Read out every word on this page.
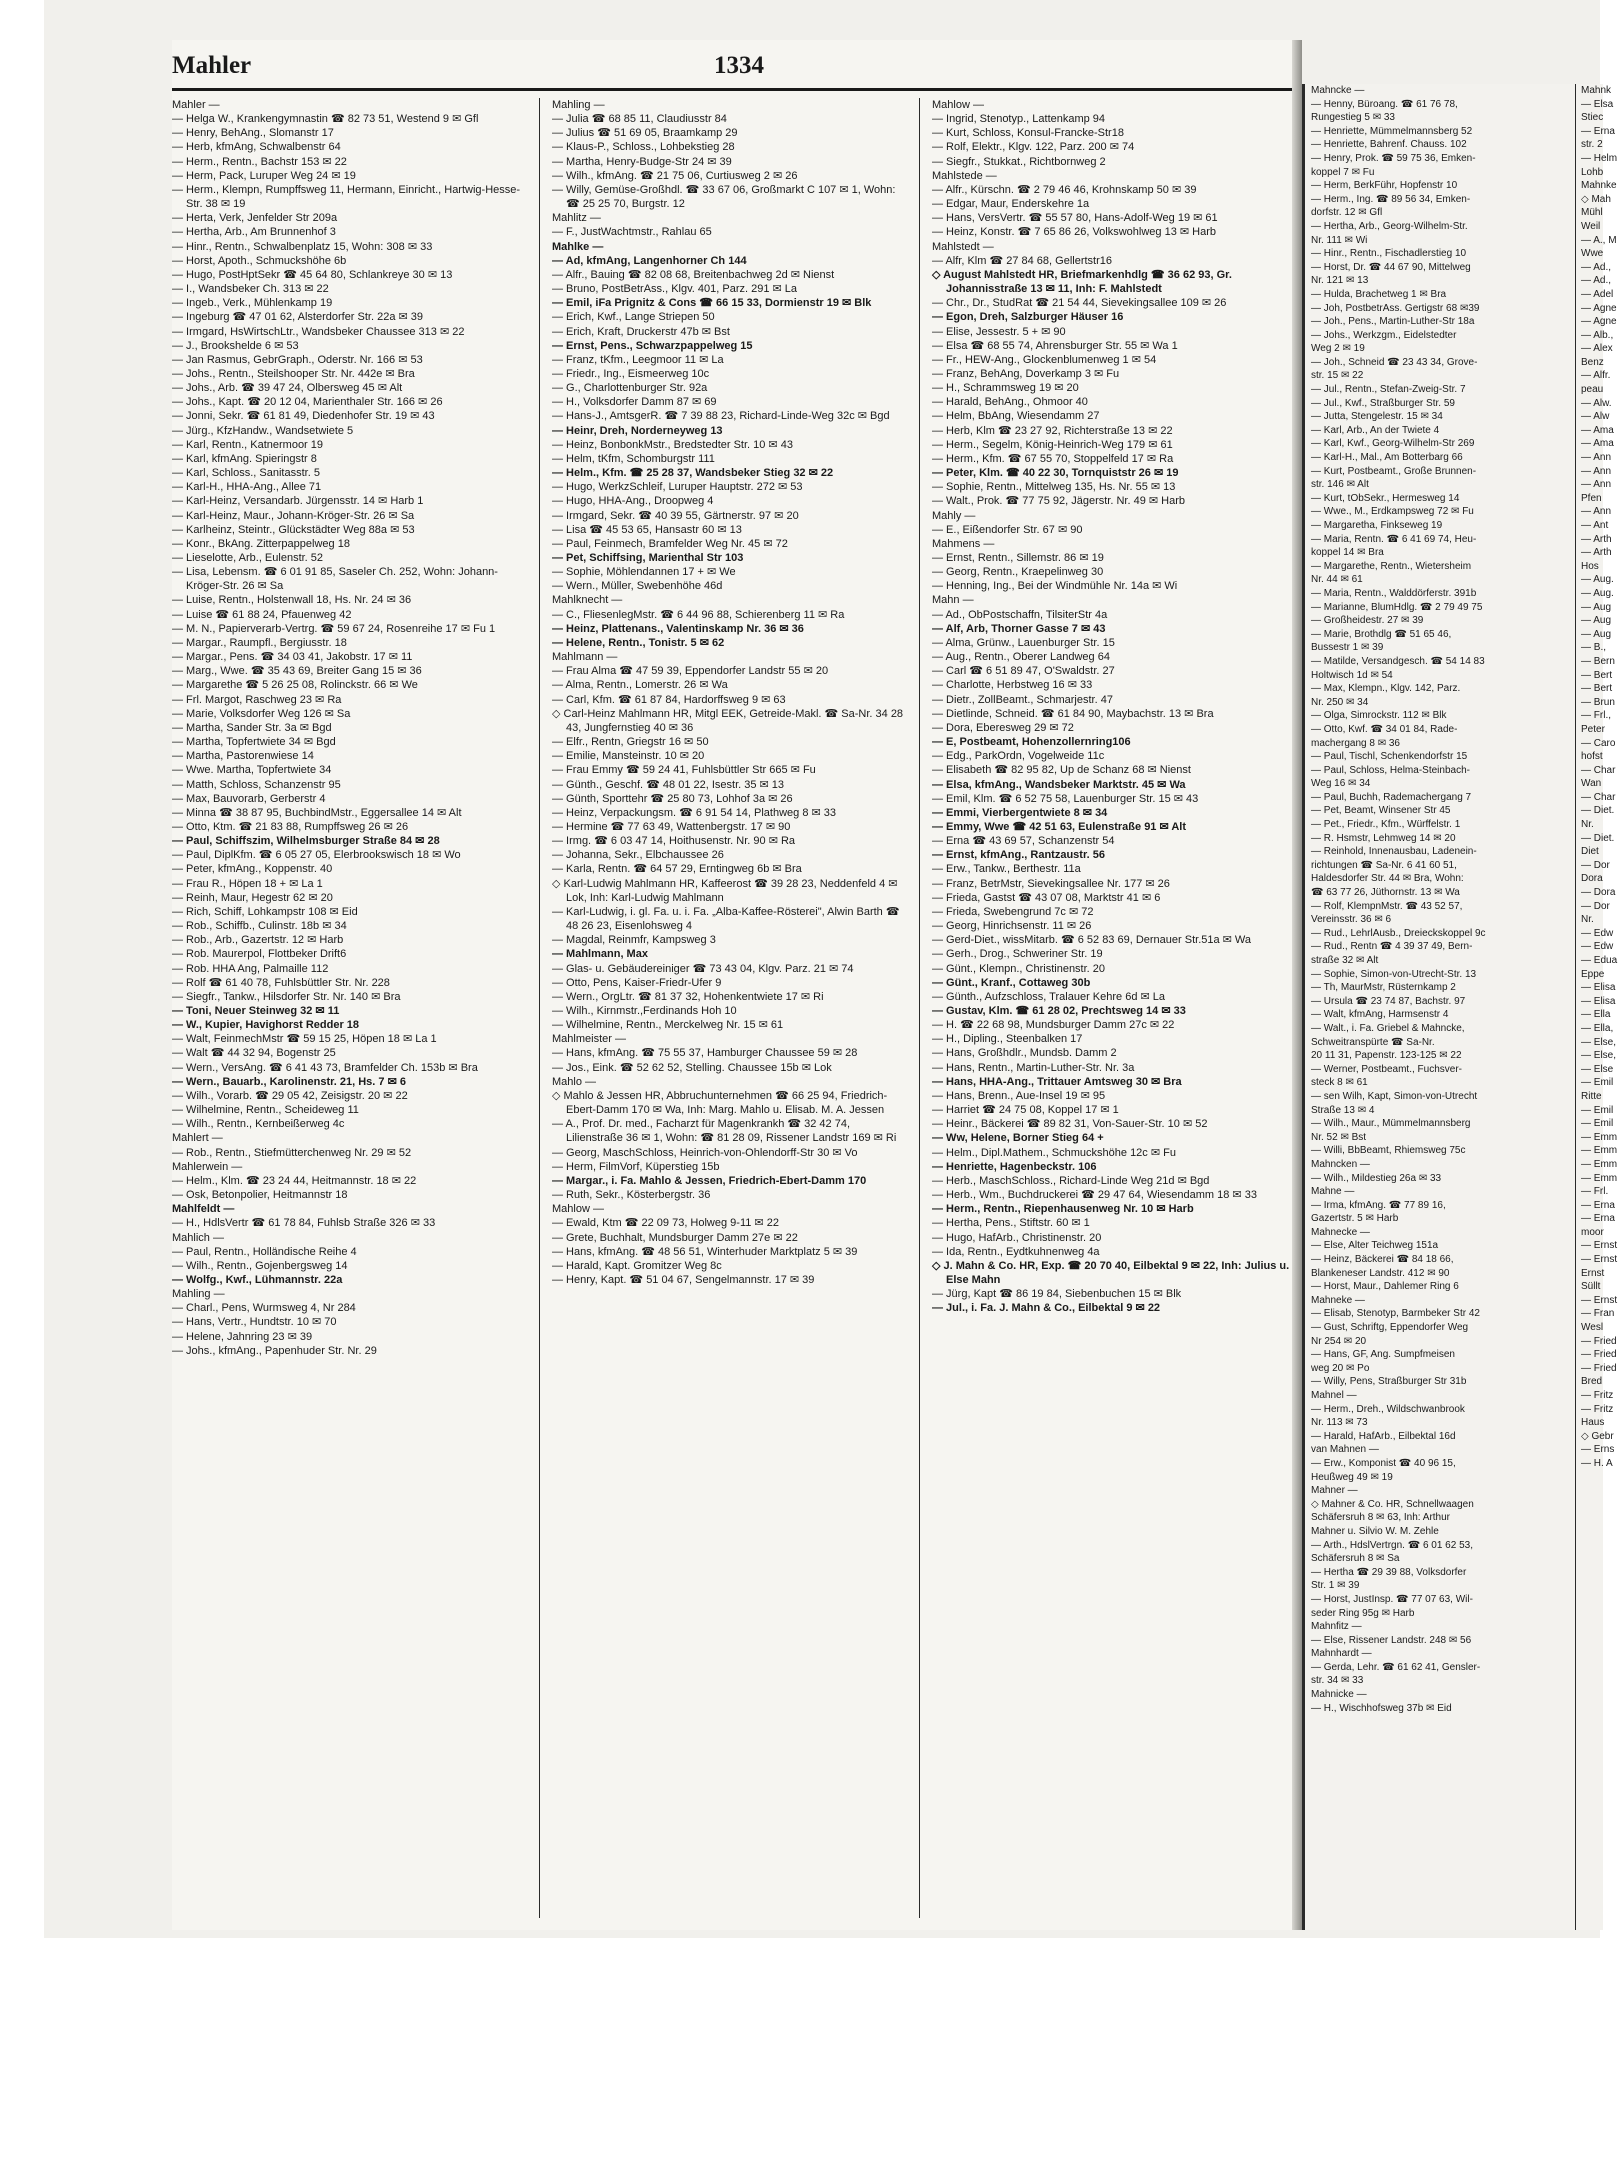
Mahler	1334

Mahler —

— Helga W., Krankengymnastin ☎ 82 73 51, Westend 9 ✉ Gfl

— Henry, BehAng., Slomanstr 17

— Herb, kfmAng, Schwalbenstr 64

— Herm., Rentn., Bachstr 153 ✉ 22

— Herm, Pack, Luruper Weg 24 ✉ 19

— Herm., Klempn, Rumpffsweg 11, Hermann, Einricht., Hartwig-Hesse-Str. 38 ✉ 19

— Herta, Verk, Jenfelder Str 209a

— Hertha, Arb., Am Brunnenhof 3

— Hinr., Rentn., Schwalbenplatz 15, Wohn: 308 ✉ 33

— Horst, Apoth., Schmuckshöhe 6b

— Hugo, PostHptSekr ☎ 45 64 80, Schlankreye 30 ✉ 13

— I., Wandsbeker Ch. 313 ✉ 22

— Ingeb., Verk., Mühlenkamp 19

— Ingeburg ☎ 47 01 62, Alsterdorfer Str. 22a ✉ 39

— Irmgard, HsWirtschLtr., Wandsbeker Chaussee 313 ✉ 22

— J., Brookshelde 6 ✉ 53

— Jan Rasmus, GebrGraph., Oderstr. Nr. 166 ✉ 53

— Johs., Rentn., Steilshooper Str. Nr. 442e ✉ Bra

— Johs., Arb. ☎ 39 47 24, Olbersweg 45 ✉ Alt

— Johs., Kapt. ☎ 20 12 04, Marienthaler Str. 166 ✉ 26

— Jonni, Sekr. ☎ 61 81 49, Diedenhofer Str. 19 ✉ 43

— Jürg., KfzHandw., Wandsetwiete 5

— Karl, Rentn., Katnermoor 19

— Karl, kfmAng. Spieringstr 8

— Karl, Schloss., Sanitasstr. 5

— Karl-H., HHA-Ang., Allee 71

— Karl-Heinz, Versandarb. Jürgensstr. 14 ✉ Harb 1

— Karl-Heinz, Maur., Johann-Kröger-Str. 26 ✉ Sa

— Karlheinz, Steintr., Glückstädter Weg 88a ✉ 53

— Konr., BkAng. Zitterpappelweg 18

— Lieselotte, Arb., Eulenstr. 52

— Lisa, Lebensm. ☎ 6 01 91 85, Saseler Ch. 252, Wohn: Johann-Kröger-Str. 26 ✉ Sa

— Luise, Rentn., Holstenwall 18, Hs. Nr. 24 ✉ 36

— Luise ☎ 61 88 24, Pfauenweg 42

— M. N., Papierverarb-Vertrg. ☎ 59 67 24, Rosenreihe 17 ✉ Fu 1

— Margar., Raumpfl., Bergiusstr. 18

— Margar., Pens. ☎ 34 03 41, Jakobstr. 17 ✉ 11

— Marg., Wwe. ☎ 35 43 69, Breiter Gang 15 ✉ 36

— Margarethe ☎ 5 26 25 08, Rolinckstr. 66 ✉ We

— Frl. Margot, Raschweg 23 ✉ Ra

— Marie, Volksdorfer Weg 126 ✉ Sa

— Martha, Sander Str. 3a ✉ Bgd

— Martha, Topfertwiete 34 ✉ Bgd

— Martha, Pastorenwiese 14

— Wwe. Martha, Topfertwiete 34

— Matth, Schloss, Schanzenstr 95

— Max, Bauvorarb, Gerberstr 4

— Minna ☎ 38 87 95, BuchbindMstr., Eggersallee 14 ✉ Alt

— Otto, Ktm. ☎ 21 83 88, Rumpffsweg 26 ✉ 26

— Paul, Schiffszim, Wilhelmsburger Straße 84 ✉ 28

— Paul, DiplKfm. ☎ 6 05 27 05, Elerbrookswisch 18 ✉ Wo

— Peter, kfmAng., Koppenstr. 40

— Frau R., Höpen 18 + ✉ La 1

— Reinh, Maur, Hegestr 62 ✉ 20

— Rich, Schiff, Lohkampstr 108 ✉ Eid

— Rob., Schiffb., Culinstr. 18b ✉ 34

— Rob., Arb., Gazertstr. 12 ✉ Harb

— Rob. Maurerpol, Flottbeker Drift6

— Rob. HHA Ang, Palmaille 112

— Rolf ☎ 61 40 78, Fuhlsbüttler Str. Nr. 228

— Siegfr., Tankw., Hilsdorfer Str. Nr. 140 ✉ Bra

— Toni, Neuer Steinweg 32 ✉ 11

— W., Kupier, Havighorst Redder 18

— Walt, FeinmechMstr ☎ 59 15 25, Höpen 18 ✉ La 1

— Walt ☎ 44 32 94, Bogenstr 25

— Wern., VersAng. ☎ 6 41 43 73, Bramfelder Ch. 153b ✉ Bra

— Wern., Bauarb., Karolinenstr. 21, Hs. 7 ✉ 6

— Wilh., Vorarb. ☎ 29 05 42, Zeisigstr. 20 ✉ 22

— Wilhelmine, Rentn., Scheideweg 11

— Wilh., Rentn., Kernbeißerweg 4c

Mahlert —

— Rob., Rentn., Stiefmütterchenweg Nr. 29 ✉ 52

Mahlerwein —

— Helm., Klm. ☎ 23 24 44, Heitmannstr. 18 ✉ 22

— Osk, Betonpolier, Heitmannstr 18

Mahlfeldt —

— H., HdlsVertr ☎ 61 78 84, Fuhlsb Straße 326 ✉ 33

Mahlich —

— Paul, Rentn., Holländische Reihe 4

— Wilh., Rentn., Gojenbergsweg 14

— Wolfg., Kwf., Lühmannstr. 22a

Mahling —

— Charl., Pens, Wurmsweg 4, Nr 284

— Hans, Vertr., Hundtstr. 10 ✉ 70

— Helene, Jahnring 23 ✉ 39

— Johs., kfmAng., Papenhuder Str. Nr. 29

Mahling —

— Julia ☎ 68 85 11, Claudiusstr 84

— Julius ☎ 51 69 05, Braamkamp 29

— Klaus-P., Schloss., Lohbekstieg 28

— Martha, Henry-Budge-Str 24 ✉ 39

— Wilh., kfmAng. ☎ 21 75 06, Curtiusweg 2 ✉ 26

— Willy, Gemüse-Großhdl. ☎ 33 67 06, Großmarkt C 107 ✉ 1, Wohn: ☎ 25 25 70, Burgstr. 12

Mahlitz —

— F., JustWachtmstr., Rahlau 65

Mahlke —

— Ad, kfmAng, Langenhorner Ch 144

— Alfr., Bauing ☎ 82 08 68, Breitenbachweg 2d ✉ Nienst

— Bruno, PostBetrAss., Klgv. 401, Parz. 291 ✉ La

— Emil, iFa Prignitz & Cons ☎ 66 15 33, Dormienstr 19 ✉ Blk

— Erich, Kwf., Lange Striepen 50

— Erich, Kraft, Druckerstr 47b ✉ Bst

— Ernst, Pens., Schwarzpappelweg 15

— Franz, tKfm., Leegmoor 11 ✉ La

— Friedr., Ing., Eismeerweg 10c

— G., Charlottenburger Str. 92a

— H., Volksdorfer Damm 87 ✉ 69

— Hans-J., AmtsgerR. ☎ 7 39 88 23, Richard-Linde-Weg 32c ✉ Bgd

— Heinr, Dreh, Norderneyweg 13

— Heinz, BonbonkMstr., Bredstedter Str. 10 ✉ 43

— Helm, tKfm, Schomburgstr 111

— Helm., Kfm. ☎ 25 28 37, Wandsbeker Stieg 32 ✉ 22

— Hugo, WerkzSchleif, Luruper Hauptstr. 272 ✉ 53

— Hugo, HHA-Ang., Droopweg 4

— Irmgard, Sekr. ☎ 40 39 55, Gärtnerstr. 97 ✉ 20

— Lisa ☎ 45 53 65, Hansastr 60 ✉ 13

— Paul, Feinmech, Bramfelder Weg Nr. 45 ✉ 72

— Pet, Schiffsing, Marienthal Str 103

— Sophie, Möhlendannen 17 + ✉ We

— Wern., Müller, Swebenhöhe 46d

Mahlknecht —

— C., FliesenlegMstr. ☎ 6 44 96 88, Schierenberg 11 ✉ Ra

— Heinz, Plattenans., Valentinskamp Nr. 36 ✉ 36

— Helene, Rentn., Tonistr. 5 ✉ 62

Mahlmann —

— Frau Alma ☎ 47 59 39, Eppendorfer Landstr 55 ✉ 20

— Alma, Rentn., Lomerstr. 26 ✉ Wa

— Carl, Kfm. ☎ 61 87 84, Hardorffsweg 9 ✉ 63

◇ Carl-Heinz Mahlmann HR, Mitgl EEK, Getreide-Makl. ☎ Sa-Nr. 34 28 43, Jungfernstieg 40 ✉ 36

— Elfr., Rentn, Griegstr 16 ✉ 50

— Emilie, Mansteinstr. 10 ✉ 20

— Frau Emmy ☎ 59 24 41, Fuhlsbüttler Str 665 ✉ Fu

— Günth., Geschf. ☎ 48 01 22, Isestr. 35 ✉ 13

— Günth, Sporttehr ☎ 25 80 73, Lohhof 3a ✉ 26

— Heinz, Verpackungsm. ☎ 6 91 54 14, Plathweg 8 ✉ 33

— Hermine ☎ 77 63 49, Wattenbergstr. 17 ✉ 90

— Irmg. ☎ 6 03 47 14, Hoithusenstr. Nr. 90 ✉ Ra

— Johanna, Sekr., Elbchaussee 26

— Karla, Rentn. ☎ 64 57 29, Erntingweg 6b ✉ Bra

◇ Karl-Ludwig Mahlmann HR, Kaffeerost ☎ 39 28 23, Neddenfeld 4 ✉ Lok, Inh: Karl-Ludwig Mahlmann

— Karl-Ludwig, i. gl. Fa. u. i. Fa. „Alba-Kaffee-Rösterei", Alwin Barth ☎ 48 26 23, Eisenlohsweg 4

— Magdal, Reinmfr, Kampsweg 3

— Mahlmann, Max

— Glas- u. Gebäudereiniger ☎ 73 43 04, Klgv. Parz. 21 ✉ 74

— Otto, Pens, Kaiser-Friedr-Ufer 9

— Wern., OrgLtr. ☎ 81 37 32, Hohenkentwiete 17 ✉ Ri

— Wilh., Kirnmstr.,Ferdinands Hoh 10

— Wilhelmine, Rentn., Merckelweg Nr. 15 ✉ 61

Mahlmeister —

— Hans, kfmAng. ☎ 75 55 37, Hamburger Chaussee 59 ✉ 28

— Jos., Eink. ☎ 52 62 52, Stelling. Chaussee 15b ✉ Lok

Mahlo —

◇ Mahlo & Jessen HR, Abbruchunternehmen ☎ 66 25 94, Friedrich-Ebert-Damm 170 ✉ Wa, Inh: Marg. Mahlo u. Elisab. M. A. Jessen

— A., Prof. Dr. med., Facharzt für Magenkrankh ☎ 32 42 74, Lilienstraße 36 ✉ 1, Wohn: ☎ 81 28 09, Rissener Landstr 169 ✉ Ri

— Georg, MaschSchloss, Heinrich-von-Ohlendorff-Str 30 ✉ Vo

— Herm, FilmVorf, Küperstieg 15b

— Margar., i. Fa. Mahlo & Jessen, Friedrich-Ebert-Damm 170

— Ruth, Sekr., Kösterbergstr. 36

Mahlow —

— Ewald, Ktm ☎ 22 09 73, Holweg 9-11 ✉ 22

— Grete, Buchhalt, Mundsburger Damm 27e ✉ 22

— Hans, kfmAng. ☎ 48 56 51, Winterhuder Marktplatz 5 ✉ 39

— Harald, Kapt. Gromitzer Weg 8c

— Henry, Kapt. ☎ 51 04 67, Sengelmannstr. 17 ✉ 39

Mahlow —

— Ingrid, Stenotyp., Lattenkamp 94

— Kurt, Schloss, Konsul-Francke-Str18

— Rolf, Elektr., Klgv. 122, Parz. 200 ✉ 74

— Siegfr., Stukkat., Richtbornweg 2

Mahlstede —

— Alfr., Kürschn. ☎ 2 79 46 46, Krohnskamp 50 ✉ 39

— Edgar, Maur, Enderskehre 1a

— Hans, VersVertr. ☎ 55 57 80, Hans-Adolf-Weg 19 ✉ 61

— Heinz, Konstr. ☎ 7 65 86 26, Volkswohlweg 13 ✉ Harb

Mahlstedt —

— Alfr, Klm ☎ 27 84 68, Gellertstr16

◇ August Mahlstedt HR, Briefmarkenhdlg ☎ 36 62 93, Gr. Johannisstraße 13 ✉ 11, Inh: F. Mahlstedt

— Chr., Dr., StudRat ☎ 21 54 44, Sievekingsallee 109 ✉ 26

— Egon, Dreh, Salzburger Häuser 16

— Elise, Jessestr. 5 + ✉ 90

— Elsa ☎ 68 55 74, Ahrensburger Str. 55 ✉ Wa 1

— Fr., HEW-Ang., Glockenblumenweg 1 ✉ 54

— Franz, BehAng, Doverkamp 3 ✉ Fu

— H., Schrammsweg 19 ✉ 20

— Harald, BehAng., Ohmoor 40

— Helm, BbAng, Wiesendamm 27

— Herb, Klm ☎ 23 27 92, Richterstraße 13 ✉ 22

— Herm., Segelm, König-Heinrich-Weg 179 ✉ 61

— Herm., Kfm. ☎ 67 55 70, Stoppelfeld 17 ✉ Ra

— Peter, Klm. ☎ 40 22 30, Tornquiststr 26 ✉ 19

— Sophie, Rentn., Mittelweg 135, Hs. Nr. 55 ✉ 13

— Walt., Prok. ☎ 77 75 92, Jägerstr. Nr. 49 ✉ Harb

Mahly —

— E., Eißendorfer Str. 67 ✉ 90

Mahmens —

— Ernst, Rentn., Sillemstr. 86 ✉ 19

— Georg, Rentn., Kraepelinweg 30

— Henning, Ing., Bei der Windmühle Nr. 14a ✉ Wi

Mahn —

— Ad., ObPostschaffn, TilsiterStr 4a

— Alf, Arb, Thorner Gasse 7 ✉ 43

— Alma, Grünw., Lauenburger Str. 15

— Aug., Rentn., Oberer Landweg 64

— Carl ☎ 6 51 89 47, O'Swaldstr. 27

— Charlotte, Herbstweg 16 ✉ 33

— Dietr., ZollBeamt., Schmarjestr. 47

— Dietlinde, Schneid. ☎ 61 84 90, Maybachstr. 13 ✉ Bra

— Dora, Eberesweg 29 ✉ 72

— E, Postbeamt, Hohenzollernring106

— Edg., ParkOrdn, Vogelweide 11c

— Elisabeth ☎ 82 95 82, Up de Schanz 68 ✉ Nienst

— Elsa, kfmAng., Wandsbeker Marktstr. 45 ✉ Wa

— Emil, Klm. ☎ 6 52 75 58, Lauenburger Str. 15 ✉ 43

— Emmi, Vierbergentwiete 8 ✉ 34

— Emmy, Wwe ☎ 42 51 63, Eulenstraße 91 ✉ Alt

— Erna ☎ 43 69 57, Schanzenstr 54

— Ernst, kfmAng., Rantzaustr. 56

— Erw., Tankw., Berthestr. 11a

— Franz, BetrMstr, Sievekingsallee Nr. 177 ✉ 26

— Frieda, Gastst ☎ 43 07 08, Marktstr 41 ✉ 6

— Frieda, Swebengrund 7c ✉ 72

— Georg, Hinrichsenstr. 11 ✉ 26

— Gerd-Diet., wissMitarb. ☎ 6 52 83 69, Dernauer Str.51a ✉ Wa

— Gerh., Drog., Schweriner Str. 19

— Günt., Klempn., Christinenstr. 20

— Günt., Kranf., Cottaweg 30b

— Günth., Aufzschloss, Tralauer Kehre 6d ✉ La

— Gustav, Klm. ☎ 61 28 02, Prechtsweg 14 ✉ 33

— H. ☎ 22 68 98, Mundsburger Damm 27c ✉ 22

— H., Dipling., Steenbalken 17

— Hans, Großhdlr., Mundsb. Damm 2

— Hans, Rentn., Martin-Luther-Str. Nr. 3a

— Hans, HHA-Ang., Trittauer Amtsweg 30 ✉ Bra

— Hans, Brenn., Aue-Insel 19 ✉ 95

— Harriet ☎ 24 75 08, Koppel 17 ✉ 1

— Heinr., Bäckerei ☎ 89 82 31, Von-Sauer-Str. 10 ✉ 52

— Ww, Helene, Borner Stieg 64 +

— Helm., Dipl.Mathem., Schmuckshöhe 12c ✉ Fu

— Henriette, Hagenbeckstr. 106

— Herb., MaschSchloss., Richard-Linde Weg 21d ✉ Bgd

— Herb., Wm., Buchdruckerei ☎ 29 47 64, Wiesendamm 18 ✉ 33

— Herm., Rentn., Riepenhausenweg Nr. 10 ✉ Harb

— Hertha, Pens., Stiftstr. 60 ✉ 1

— Hugo, HafArb., Christinenstr. 20

— Ida, Rentn., Eydtkuhnenweg 4a

◇ J. Mahn & Co. HR, Exp. ☎ 20 70 40, Eilbektal 9 ✉ 22, Inh: Julius u. Else Mahn

— Jürg, Kapt ☎ 86 19 84, Siebenbuchen 15 ✉ Blk

— Jul., i. Fa. J. Mahn & Co., Eilbektal 9 ✉ 22

Mahncke —

— Henny, Büroang. ☎ 61 76 78,

Rungestieg 5 ✉ 33

— Henriette, Mümmelmannsberg 52

— Henriette, Bahrenf. Chauss. 102

— Henry, Prok. ☎ 59 75 36, Emken-

koppel 7 ✉ Fu

— Herm, BerkFühr, Hopfenstr 10

— Herm., Ing. ☎ 89 56 34, Emken-

dorfstr. 12 ✉ Gfl

— Hertha, Arb., Georg-Wilhelm-Str.

Nr. 111 ✉ Wi

— Hinr., Rentn., Fischadlerstieg 10

— Horst, Dr. ☎ 44 67 90, Mittelweg

Nr. 121 ✉ 13

— Hulda, Brachetweg 1 ✉ Bra

— Joh, PostbetrAss. Gertigstr 68 ✉39

— Joh., Pens., Martin-Luther-Str 18a

— Johs., Werkzgm., Eidelstedter

Weg 2 ✉ 19

— Joh., Schneid ☎ 23 43 34, Grove-

str. 15 ✉ 22

— Jul., Rentn., Stefan-Zweig-Str. 7

— Jul., Kwf., Straßburger Str. 59

— Jutta, Stengelestr. 15 ✉ 34

— Karl, Arb., An der Twiete 4

— Karl, Kwf., Georg-Wilhelm-Str 269

— Karl-H., Mal., Am Botterbarg 66

— Kurt, Postbeamt., Große Brunnen-

str. 146 ✉ Alt

— Kurt, tObSekr., Hermesweg 14

— Wwe., M., Erdkampsweg 72 ✉ Fu

— Margaretha, Finkseweg 19

— Maria, Rentn. ☎ 6 41 69 74, Heu-

koppel 14 ✉ Bra

— Margarethe, Rentn., Wietersheim

Nr. 44 ✉ 61

— Maria, Rentn., Walddörferstr. 391b

— Marianne, BlumHdlg. ☎ 2 79 49 75

— Großheidestr. 27 ✉ 39

— Marie, Brothdlg ☎ 51 65 46,

Bussestr 1 ✉ 39

— Matilde, Versandgesch. ☎ 54 14 83

Holtwisch 1d ✉ 54

— Max, Klempn., Klgv. 142, Parz.

Nr. 250 ✉ 34

— Olga, Simrockstr. 112 ✉ Blk

— Otto, Kwf. ☎ 34 01 84, Rade-

machergang 8 ✉ 36

— Paul, Tischl, Schenkendorfstr 15

— Paul, Schloss, Helma-Steinbach-

Weg 16 ✉ 34

— Paul, Buchh, Rademachergang 7

— Pet, Beamt, Winsener Str 45

— Pet., Friedr., Kfm., Würffelstr. 1

— R. Hsmstr, Lehmweg 14 ✉ 20

— Reinhold, Innenausbau, Ladenein-

richtungen ☎ Sa-Nr. 6 41 60 51,

Haldesdorfer Str. 44 ✉ Bra, Wohn:

☎ 63 77 26, Jüthornstr. 13 ✉ Wa

— Rolf, KlempnMstr. ☎ 43 52 57,

Vereinsstr. 36 ✉ 6

— Rud., LehrlAusb., Dreieckskoppel 9c

— Rud., Rentn ☎ 4 39 37 49, Bern-

straße 32 ✉ Alt

— Sophie, Simon-von-Utrecht-Str. 13

— Th, MaurMstr, Rüsternkamp 2

— Ursula ☎ 23 74 87, Bachstr. 97

— Walt, kfmAng, Harmsenstr 4

— Walt., i. Fa. Griebel & Mahncke,

Schweitranspürte ☎ Sa-Nr.

20 11 31, Papenstr. 123-125 ✉ 22

— Werner, Postbeamt., Fuchsver-

steck 8 ✉ 61

— sen Wilh, Kapt, Simon-von-Utrecht

Straße 13 ✉ 4

— Wilh., Maur., Mümmelmannsberg

Nr. 52 ✉ Bst

— Willi, BbBeamt, Rhiemsweg 75c

Mahncken —

— Wilh., Mildestieg 26a ✉ 33

Mahne —

— Irma, kfmAng. ☎ 77 89 16,

Gazertstr. 5 ✉ Harb

Mahnecke —

— Else, Alter Teichweg 151a

— Heinz, Bäckerei ☎ 84 18 66,

Blankeneser Landstr. 412 ✉ 90

— Horst, Maur., Dahlemer Ring 6

Mahneke —

— Elisab, Stenotyp, Barmbeker Str 42

— Gust, Schriftg, Eppendorfer Weg

Nr 254 ✉ 20

— Hans, GF, Ang. Sumpfmeisen

weg 20 ✉ Po

— Willy, Pens, Straßburger Str 31b

Mahnel —

— Herm., Dreh., Wildschwanbrook

Nr. 113 ✉ 73

— Harald, HafArb., Eilbektal 16d

van Mahnen —

— Erw., Komponist ☎ 40 96 15,

Heußweg 49 ✉ 19

Mahner —

◇ Mahner & Co. HR, Schnellwaagen

Schäfersruh 8 ✉ 63, Inh: Arthur

Mahner u. Silvio W. M. Zehle

— Arth., HdslVertrgn. ☎ 6 01 62 53,

Schäfersruh 8 ✉ Sa

— Hertha ☎ 29 39 88, Volksdorfer

Str. 1 ✉ 39

— Horst, JustInsp. ☎ 77 07 63, Wil-

seder Ring 95g ✉ Harb

Mahnfitz —

— Else, Rissener Landstr. 248 ✉ 56

Mahnhardt —

— Gerda, Lehr. ☎ 61 62 41, Gensler-

str. 34 ✉ 33

Mahnicke —

— H., Wischhofsweg 37b ✉ Eid

Mahnk

— Elsa

Stiec

— Erna

str. 2

— Helm

Lohb

Mahnke

◇ Mah

Mühl

Weil

— A., M

Wwe

— Ad.,

— Ad.,

— Adel

— Agne

— Agne

— Alb.,

— Alex

Benz

— Alfr.

peau

— Alw.

— Alw

— Ama

— Ama

— Ann

— Ann

— Ann

Pfen

— Ann

— Ant

— Arth

— Arth

Hos

— Aug.

— Aug.

— Aug

— Aug

— Aug

— B.,

— Bern

— Bert

— Bert

— Brun

— Frl.,

Peter

— Caro

hofst

— Char

Wan

— Char

— Diet.

Nr.

— Diet.

Diet

— Dor

Dora

— Dora

— Dor

Nr.

— Edw

— Edw

— Edua

Eppe

— Elisa

— Elisa

— Ella

— Ella,

— Else,

— Else,

— Else

— Emil

Ritte

— Emil

— Emil

— Emm

— Emm

— Emm

— Emm

— Frl.

— Erna

— Erna

moor

— Ernst

— Ernst

Ernst

Süllt

— Ernst

— Fran

Wesl

— Fried

— Fried

— Fried

Bred

— Fritz

— Fritz

Haus

◇ Gebr

— Erns

— H. A
